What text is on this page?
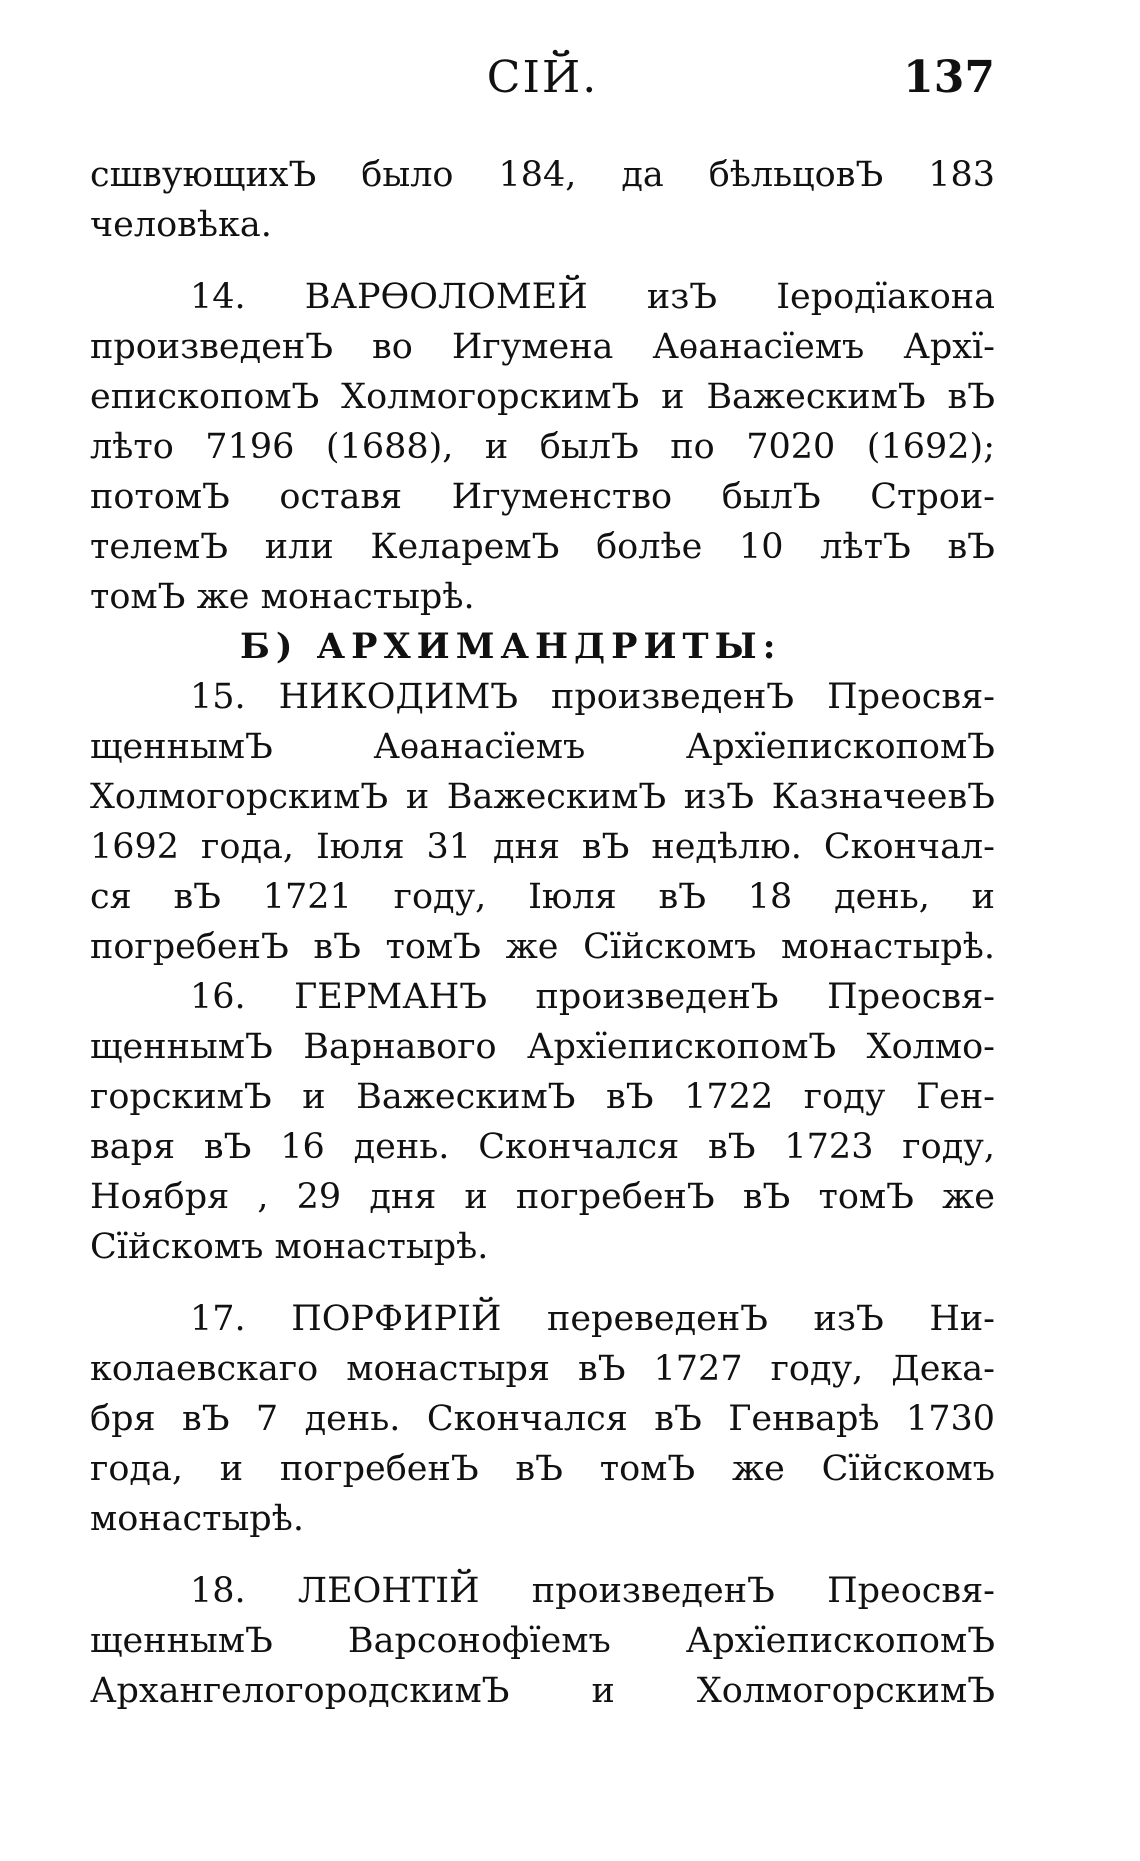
СІЙ.	137
сшвующихЪ было 184, да бѣльцовЪ 183
человѣка.
14. ВАРѲОЛОМЕЙ изЪ Іеродїакона
произведенЪ во Игумена Аѳанасїемъ Архї-
епископомЪ ХолмогорскимЪ и ВажескимЪ вЪ
лѣто 7196 (1688), и былЪ по 7020 (1692);
потомЪ оставя Игуменство былЪ Строи-
телемЪ или КеларемЪ болѣе 10 лѣтЪ вЪ
томЪ же монастырѣ.
Б) АРХИМАНДРИТЫ:
15. НИКОДИМЪ произведенЪ Преосвя-
щеннымЪ Аѳанасїемъ АрхїепископомЪ
ХолмогорскимЪ и ВажескимЪ изЪ КазначеевЪ
1692 года, Іюля 31 дня вЪ недѣлю. Скончал-
ся вЪ 1721 году, Іюля вЪ 18 день, и
погребенЪ вЪ томЪ же Сїйскомъ монастырѣ.
16. ГЕРМАНЪ произведенЪ Преосвя-
щеннымЪ Варнавого АрхїепископомЪ Холмо-
горскимЪ и ВажескимЪ вЪ 1722 году Ген-
варя вЪ 16 день. Скончался вЪ 1723 году,
Ноября , 29 дня и погребенЪ вЪ томЪ же
Сїйскомъ монастырѣ.
17. ПОРФИРІЙ переведенЪ изЪ Ни-
колаевскаго монастыря вЪ 1727 году, Дека-
бря вЪ 7 день. Скончался вЪ Генварѣ 1730
года, и погребенЪ вЪ томЪ же Сїйскомъ
монастырѣ.
18. ЛЕОНТІЙ произведенЪ Преосвя-
щеннымЪ Варсонофїемъ АрхїепископомЪ
АрхангелогородскимЪ и ХолмогорскимЪ
